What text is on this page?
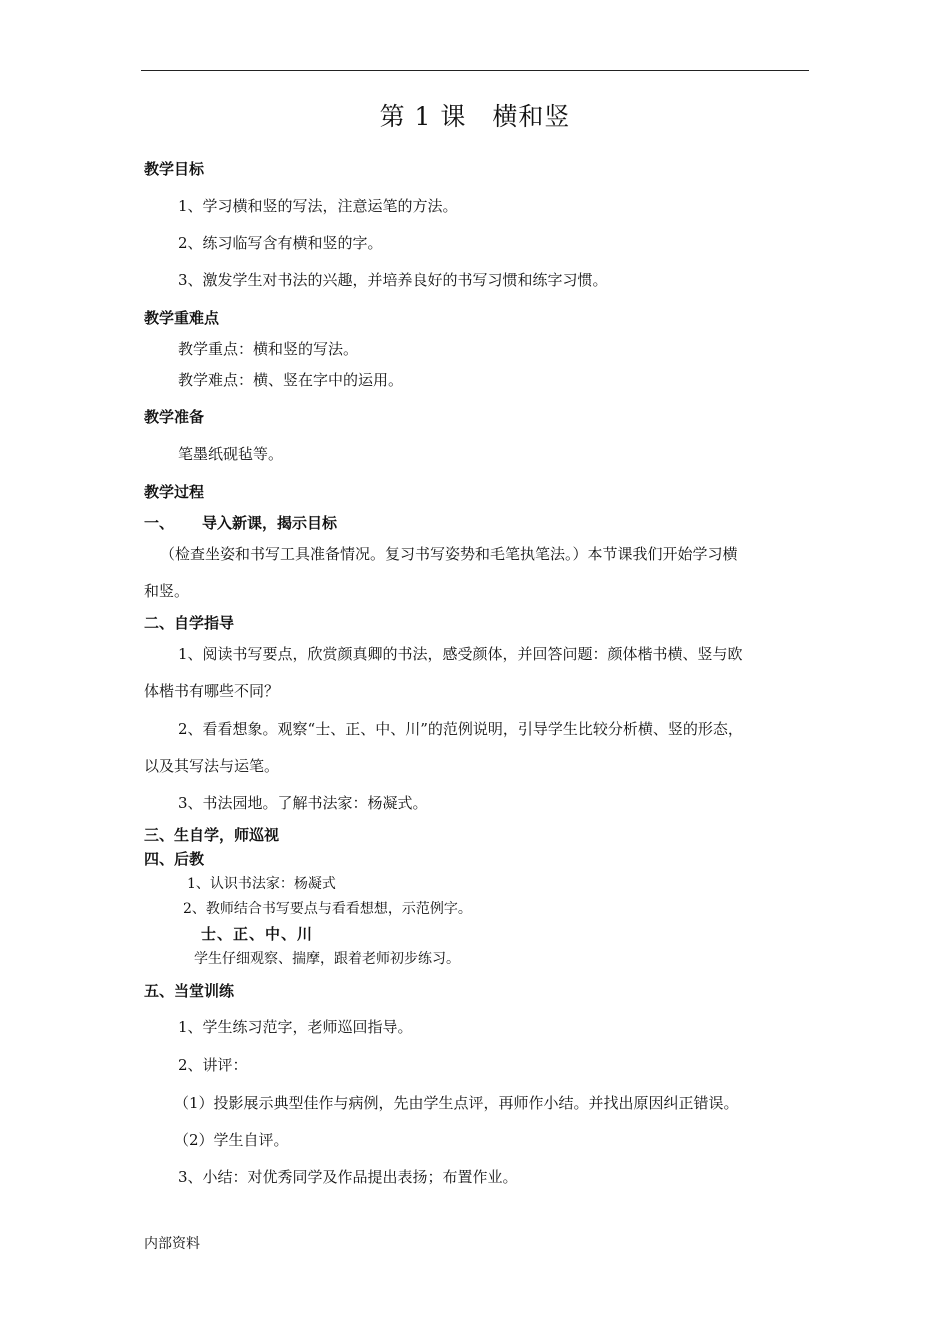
第 1 课　横和竖
教学目标
1、学习横和竖的写法，注意运笔的方法。
2、练习临写含有横和竖的字。
3、激发学生对书法的兴趣，并培养良好的书写习惯和练字习惯。
教学重难点
教学重点：横和竖的写法。
教学难点：横、竖在字中的运用。
教学准备
笔墨纸砚毡等。
教学过程
一、 导入新课，揭示目标
（检查坐姿和书写工具准备情况。复习书写姿势和毛笔执笔法。）本节课我们开始学习横
和竖。
二、自学指导
1、阅读书写要点，欣赏颜真卿的书法，感受颜体，并回答问题：颜体楷书横、竖与欧
体楷书有哪些不同？
2、看看想象。观察“士、正、中、川”的范例说明，引导学生比较分析横、竖的形态，
以及其写法与运笔。
3、书法园地。了解书法家：杨凝式。
三、生自学，师巡视
四、后教
1、认识书法家：杨凝式
2、教师结合书写要点与看看想想，示范例字。
士、正、中、川
学生仔细观察、揣摩，跟着老师初步练习。
五、当堂训练
1、学生练习范字，老师巡回指导。
2、讲评：
（1）投影展示典型佳作与病例，先由学生点评，再师作小结。并找出原因纠正错误。
（2）学生自评。
3、小结：对优秀同学及作品提出表扬；布置作业。
内部资料
